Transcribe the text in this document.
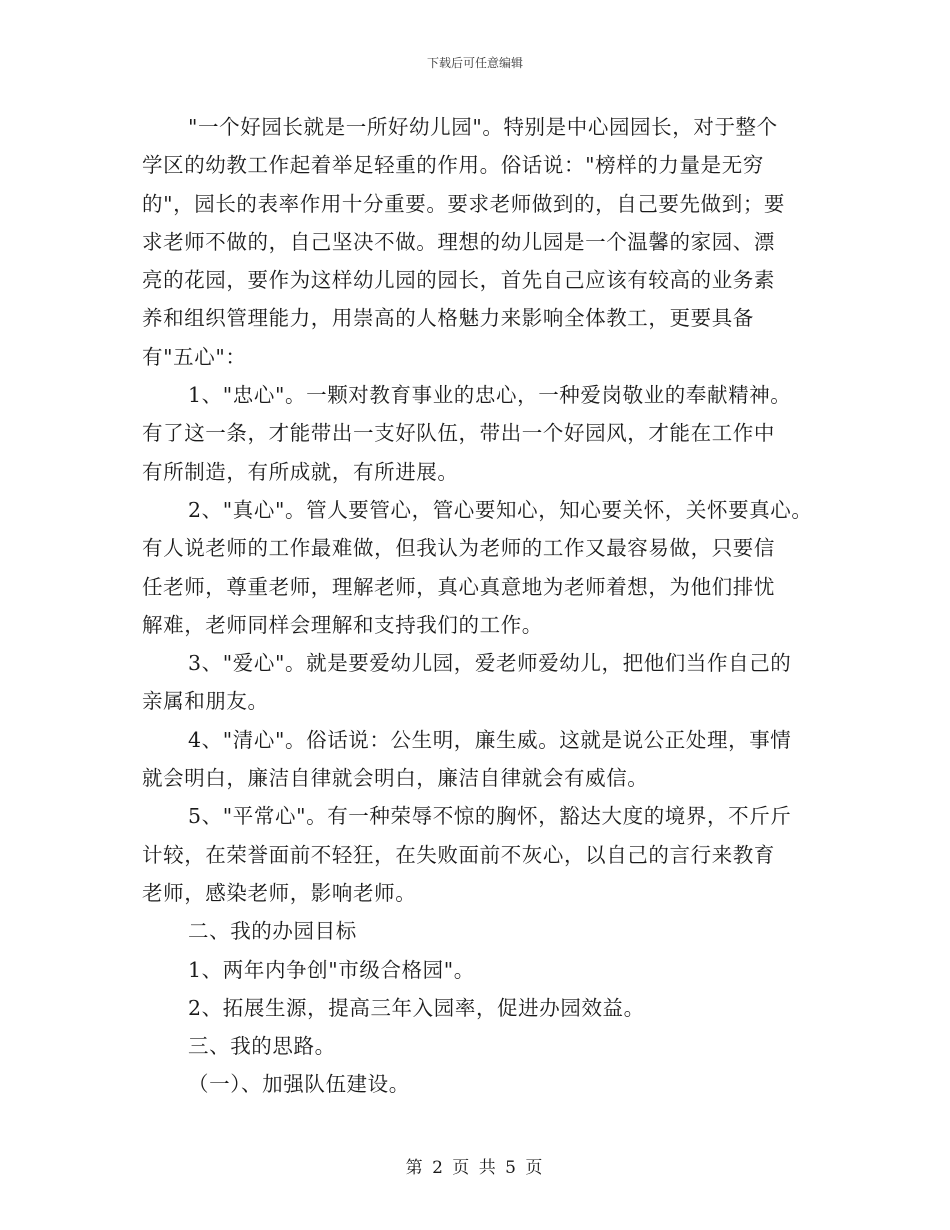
下载后可任意编辑
"一个好园长就是一所好幼儿园"。特别是中心园园长，对于整个
学区的幼教工作起着举足轻重的作用。俗话说："榜样的力量是无穷
的"，园长的表率作用十分重要。要求老师做到的，自己要先做到；要
求老师不做的，自己坚决不做。理想的幼儿园是一个温馨的家园、漂
亮的花园，要作为这样幼儿园的园长，首先自己应该有较高的业务素
养和组织管理能力，用崇高的人格魅力来影响全体教工，更要具备
有"五心"：
1、"忠心"。一颗对教育事业的忠心，一种爱岗敬业的奉献精神。
有了这一条，才能带出一支好队伍，带出一个好园风，才能在工作中
有所制造，有所成就，有所进展。
2、"真心"。管人要管心，管心要知心，知心要关怀，关怀要真心。
有人说老师的工作最难做，但我认为老师的工作又最容易做，只要信
任老师，尊重老师，理解老师，真心真意地为老师着想，为他们排忧
解难，老师同样会理解和支持我们的工作。
3、"爱心"。就是要爱幼儿园，爱老师爱幼儿，把他们当作自己的
亲属和朋友。
4、"清心"。俗话说：公生明，廉生威。这就是说公正处理，事情
就会明白，廉洁自律就会明白，廉洁自律就会有威信。
5、"平常心"。有一种荣辱不惊的胸怀，豁达大度的境界，不斤斤
计较，在荣誉面前不轻狂，在失败面前不灰心，以自己的言行来教育
老师，感染老师，影响老师。
二、我的办园目标
1、两年内争创"市级合格园"。
2、拓展生源，提高三年入园率，促进办园效益。
三、我的思路。
（一）、加强队伍建设。
第 2 页 共 5 页
